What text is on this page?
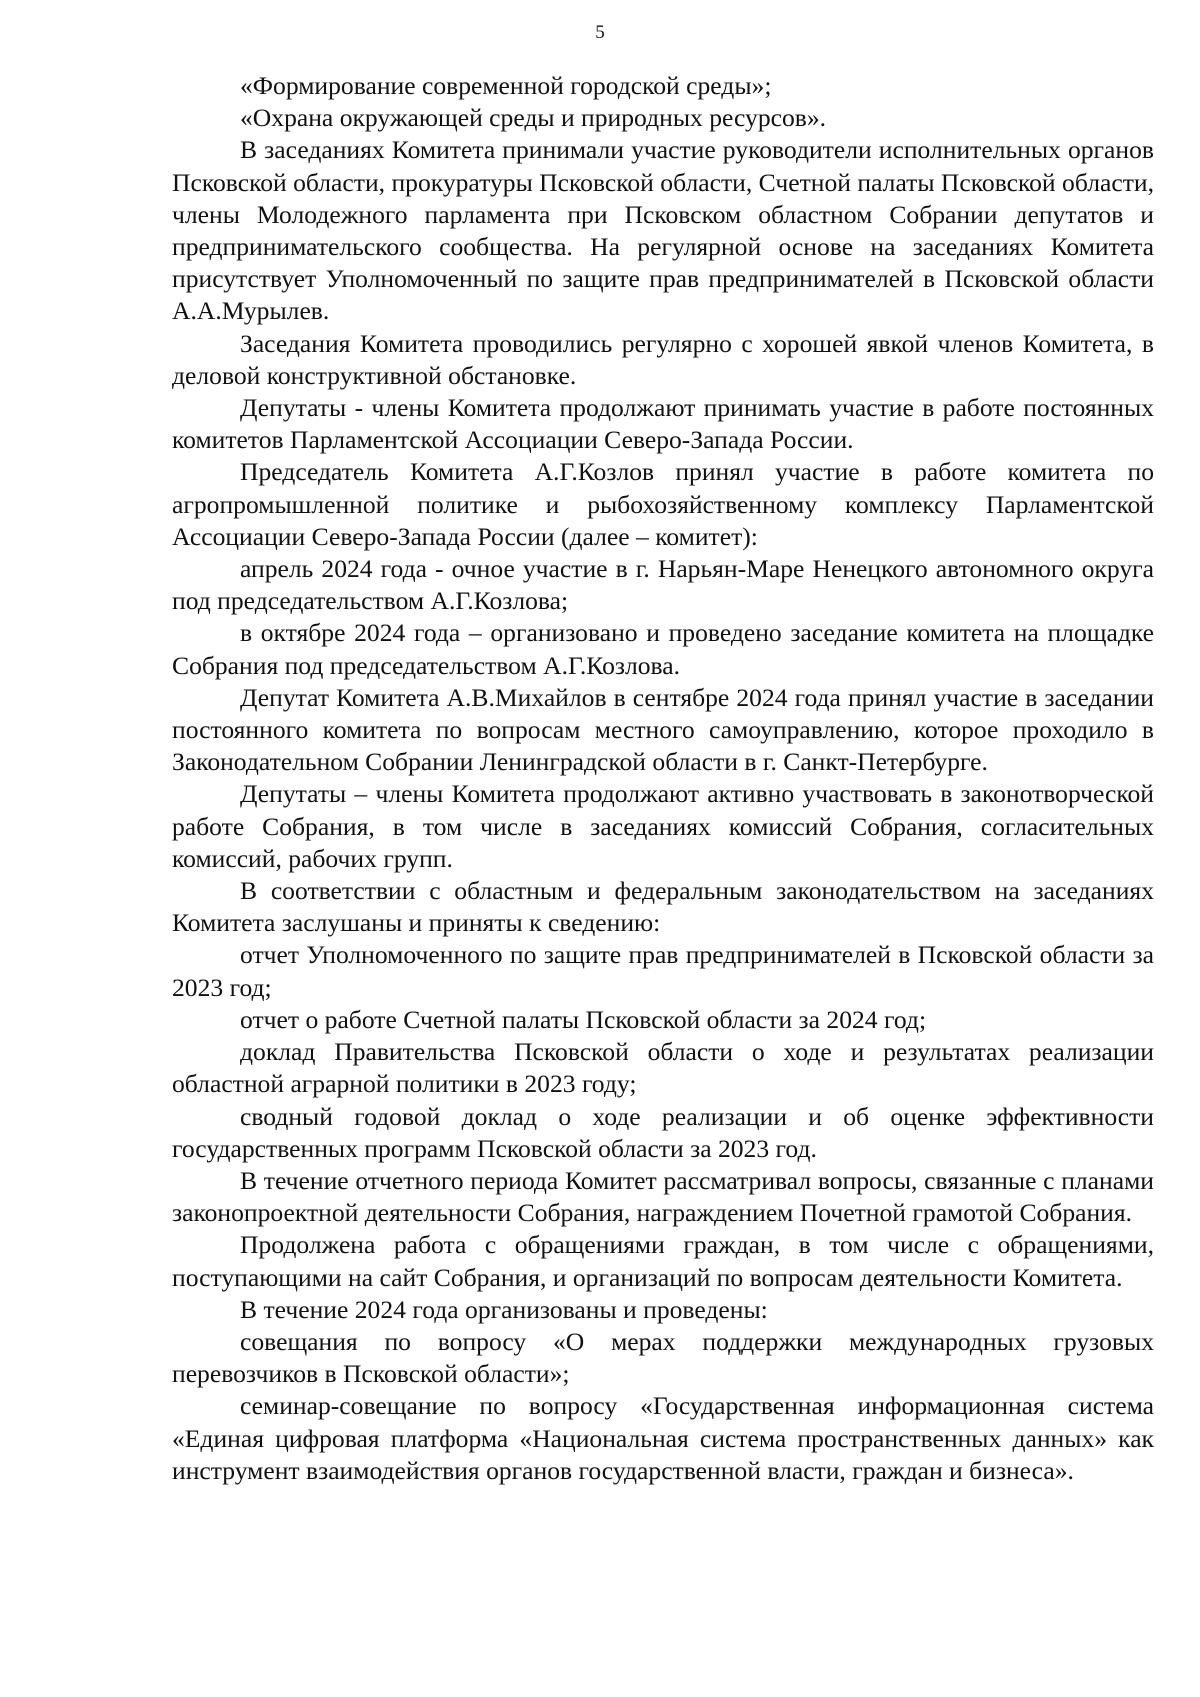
5

«Формирование современной городской среды»;

«Охрана окружающей среды и природных ресурсов».

В заседаниях Комитета принимали участие руководители исполнительных органов Псковской области, прокуратуры Псковской области, Счетной палаты Псковской области, члены Молодежного парламента при Псковском областном Собрании депутатов и предпринимательского сообщества. На регулярной основе на заседаниях Комитета присутствует Уполномоченный по защите прав предпринимателей в Псковской области А.А.Мурылев.

Заседания Комитета проводились регулярно с хорошей явкой членов Комитета, в деловой конструктивной обстановке.

Депутаты - члены Комитета продолжают принимать участие в работе постоянных комитетов Парламентской Ассоциации Северо-Запада России.

Председатель Комитета А.Г.Козлов принял участие в работе комитета по агропромышленной политике и рыбохозяйственному комплексу Парламентской Ассоциации Северо-Запада России (далее – комитет):

апрель 2024 года - очное участие в г. Нарьян-Маре Ненецкого автономного округа под председательством А.Г.Козлова;

в октябре 2024 года – организовано и проведено заседание комитета на площадке Собрания под председательством А.Г.Козлова.

Депутат Комитета А.В.Михайлов в сентябре 2024 года принял участие в заседании постоянного комитета по вопросам местного самоуправлению, которое проходило в Законодательном Собрании Ленинградской области в г. Санкт-Петербурге.

Депутаты – члены Комитета продолжают активно участвовать в законотворческой работе Собрания, в том числе в заседаниях комиссий Собрания, согласительных комиссий, рабочих групп.

В соответствии с областным и федеральным законодательством на заседаниях Комитета заслушаны и приняты к сведению:

отчет Уполномоченного по защите прав предпринимателей в Псковской области за 2023 год;

отчет о работе Счетной палаты Псковской области за 2024 год;

доклад Правительства Псковской области о ходе и результатах реализации областной аграрной политики в 2023 году;

сводный годовой доклад о ходе реализации и об оценке эффективности государственных программ Псковской области за 2023 год.

В течение отчетного периода Комитет рассматривал вопросы, связанные с планами законопроектной деятельности Собрания, награждением Почетной грамотой Собрания.

Продолжена работа с обращениями граждан, в том числе с обращениями, поступающими на сайт Собрания, и организаций по вопросам деятельности Комитета.

В течение 2024 года организованы и проведены:

совещания по вопросу «О мерах поддержки международных грузовых перевозчиков в Псковской области»;

семинар-совещание по вопросу «Государственная информационная система «Единая цифровая платформа «Национальная система пространственных данных» как инструмент взаимодействия органов государственной власти, граждан и бизнеса».
